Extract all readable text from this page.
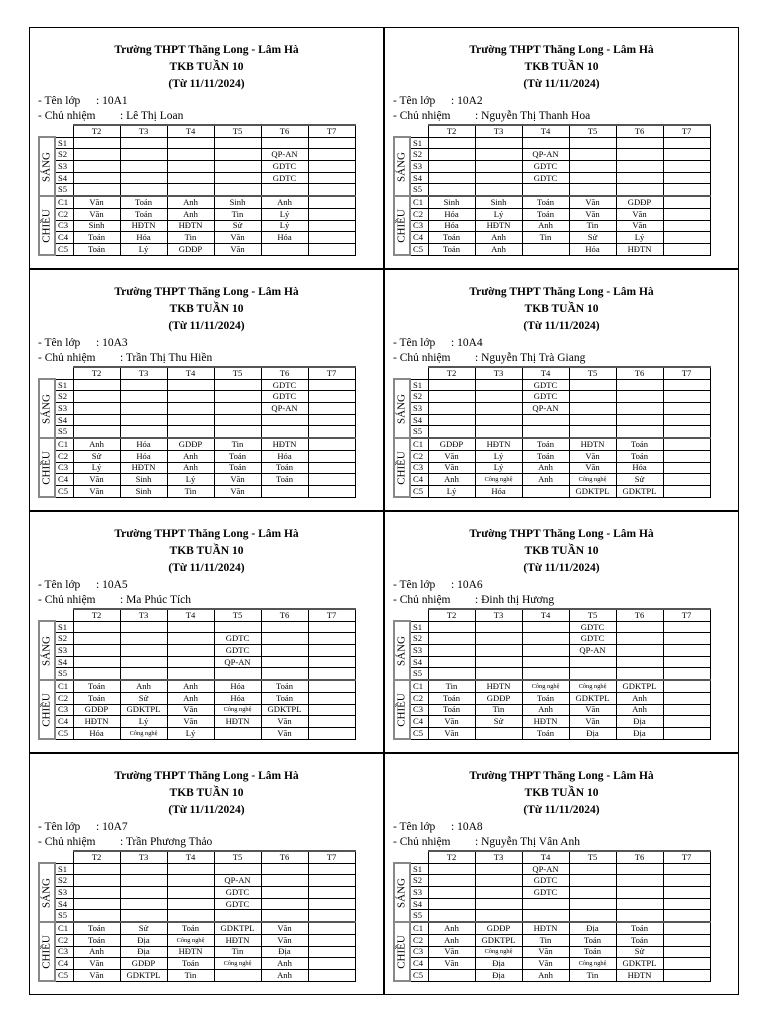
Trường THPT Thăng Long - Lâm Hà
TKB TUẦN 10
(Từ 11/11/2024)
- Tên lớp : 10A1
- Chủ nhiệm : Lê Thị Loan
		T2	T3	T4	T5	T6	T7

SÁNG	S1						
	S2					QP-AN	
	S3					GDTC	
	S4					GDTC	
	S5						

CHIỀU	C1	Văn	Toán	Anh	Sinh	Anh	
	C2	Văn	Toán	Anh	Tin	Lý	
	C3	Sinh	HĐTN	HĐTN	Sử	Lý	
	C4	Toán	Hóa	Tin	Văn	Hóa	
	C5	Toán	Lý	GDĐP	Văn		
Trường THPT Thăng Long - Lâm Hà
TKB TUẦN 10
(Từ 11/11/2024)
- Tên lớp : 10A2
- Chủ nhiệm : Nguyễn Thị Thanh Hoa
		T2	T3	T4	T5	T6	T7

SÁNG	S1						
	S2			QP-AN			
	S3			GDTC			
	S4			GDTC			
	S5						

CHIỀU	C1	Sinh	Sinh	Toán	Văn	GDĐP	
	C2	Hóa	Lý	Toán	Văn	Văn	
	C3	Hóa	HĐTN	Anh	Tin	Văn	
	C4	Toán	Anh	Tin	Sử	Lý	
	C5	Toán	Anh		Hóa	HĐTN	
Trường THPT Thăng Long - Lâm Hà
TKB TUẦN 10
(Từ 11/11/2024)
- Tên lớp : 10A3
- Chủ nhiệm : Trần Thị Thu Hiền
		T2	T3	T4	T5	T6	T7

SÁNG	S1					GDTC	
	S2					GDTC	
	S3					QP-AN	
	S4						
	S5						

CHIỀU	C1	Anh	Hóa	GDĐP	Tin	HĐTN	
	C2	Sử	Hóa	Anh	Toán	Hóa	
	C3	Lý	HĐTN	Anh	Toán	Toán	
	C4	Văn	Sinh	Lý	Văn	Toán	
	C5	Văn	Sinh	Tin	Văn		
Trường THPT Thăng Long - Lâm Hà
TKB TUẦN 10
(Từ 11/11/2024)
- Tên lớp : 10A4
- Chủ nhiệm : Nguyễn Thị Trà Giang
		T2	T3	T4	T5	T6	T7

SÁNG	S1			GDTC			
	S2			GDTC			
	S3			QP-AN			
	S4						
	S5						

CHIỀU	C1	GDĐP	HĐTN	Toán	HĐTN	Toán	
	C2	Văn	Lý	Toán	Văn	Toán	
	C3	Văn	Lý	Anh	Văn	Hóa	
	C4	Anh	Công nghệ	Anh	Công nghệ	Sử	
	C5	Lý	Hóa		GDKTPL	GDKTPL	
Trường THPT Thăng Long - Lâm Hà
TKB TUẦN 10
(Từ 11/11/2024)
- Tên lớp : 10A5
- Chủ nhiệm : Ma Phúc Tích
		T2	T3	T4	T5	T6	T7

SÁNG	S1						
	S2				GDTC		
	S3				GDTC		
	S4				QP-AN		
	S5						

CHIỀU	C1	Toán	Anh	Anh	Hóa	Toán	
	C2	Toán	Sử	Anh	Hóa	Toán	
	C3	GDĐP	GDKTPL	Văn	Công nghệ	GDKTPL	
	C4	HĐTN	Lý	Văn	HĐTN	Văn	
	C5	Hóa	Công nghệ	Lý		Văn	
Trường THPT Thăng Long - Lâm Hà
TKB TUẦN 10
(Từ 11/11/2024)
- Tên lớp : 10A6
- Chủ nhiệm : Đinh thị Hương
		T2	T3	T4	T5	T6	T7

SÁNG	S1				GDTC		
	S2				GDTC		
	S3				QP-AN		
	S4						
	S5						

CHIỀU	C1	Tin	HĐTN	Công nghệ	Công nghệ	GDKTPL	
	C2	Toán	GDĐP	Toán	GDKTPL	Anh	
	C3	Toán	Tin	Anh	Văn	Anh	
	C4	Văn	Sử	HĐTN	Văn	Địa	
	C5	Văn		Toán	Địa	Địa	
Trường THPT Thăng Long - Lâm Hà
TKB TUẦN 10
(Từ 11/11/2024)
- Tên lớp : 10A7
- Chủ nhiệm : Trần Phương Thảo
		T2	T3	T4	T5	T6	T7

SÁNG	S1						
	S2				QP-AN		
	S3				GDTC		
	S4				GDTC		
	S5						

CHIỀU	C1	Toán	Sử	Toán	GDKTPL	Văn	
	C2	Toán	Địa	Công nghệ	HĐTN	Văn	
	C3	Anh	Địa	HĐTN	Tin	Địa	
	C4	Văn	GDĐP	Toán	Công nghệ	Anh	
	C5	Văn	GDKTPL	Tin		Anh	
Trường THPT Thăng Long - Lâm Hà
TKB TUẦN 10
(Từ 11/11/2024)
- Tên lớp : 10A8
- Chủ nhiệm : Nguyễn Thị Vân Anh
		T2	T3	T4	T5	T6	T7

SÁNG	S1			QP-AN			
	S2			GDTC			
	S3			GDTC			
	S4						
	S5						

CHIỀU	C1	Anh	GDĐP	HĐTN	Địa	Toán	
	C2	Anh	GDKTPL	Tin	Toán	Toán	
	C3	Văn	Công nghệ	Văn	Toán	Sử	
	C4	Văn	Địa	Văn	Công nghệ	GDKTPL	
	C5		Địa	Anh	Tin	HĐTN	
